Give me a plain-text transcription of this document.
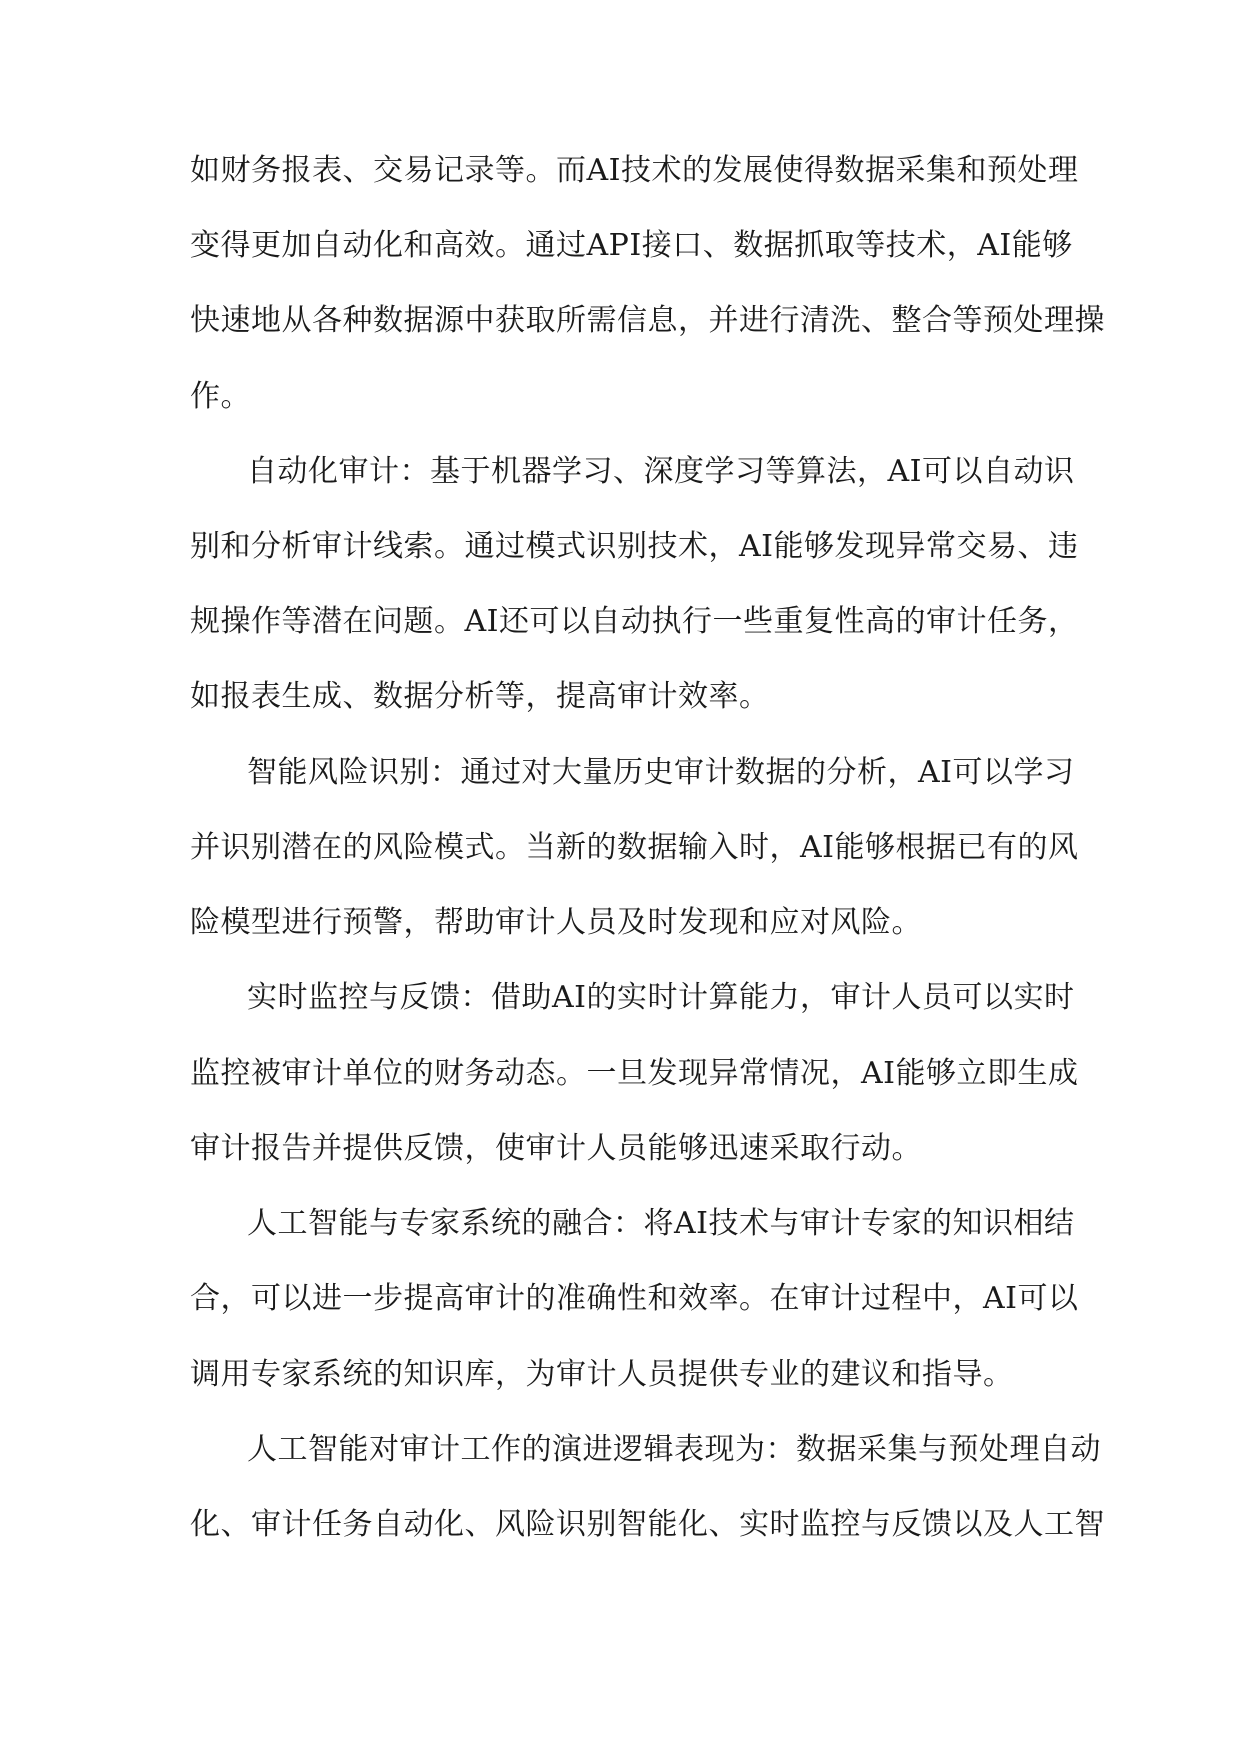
如财务报表、交易记录等。而AI技术的发展使得数据采集和预处理
变得更加自动化和高效。通过API接口、数据抓取等技术，AI能够
快速地从各种数据源中获取所需信息，并进行清洗、整合等预处理操
作。
自动化审计：基于机器学习、深度学习等算法，AI可以自动识
别和分析审计线索。通过模式识别技术，AI能够发现异常交易、违
规操作等潜在问题。AI还可以自动执行一些重复性高的审计任务，
如报表生成、数据分析等，提高审计效率。
智能风险识别：通过对大量历史审计数据的分析，AI可以学习
并识别潜在的风险模式。当新的数据输入时，AI能够根据已有的风
险模型进行预警，帮助审计人员及时发现和应对风险。
实时监控与反馈：借助AI的实时计算能力，审计人员可以实时
监控被审计单位的财务动态。一旦发现异常情况，AI能够立即生成
审计报告并提供反馈，使审计人员能够迅速采取行动。
人工智能与专家系统的融合：将AI技术与审计专家的知识相结
合，可以进一步提高审计的准确性和效率。在审计过程中，AI可以
调用专家系统的知识库，为审计人员提供专业的建议和指导。
人工智能对审计工作的演进逻辑表现为：数据采集与预处理自动
化、审计任务自动化、风险识别智能化、实时监控与反馈以及人工智
